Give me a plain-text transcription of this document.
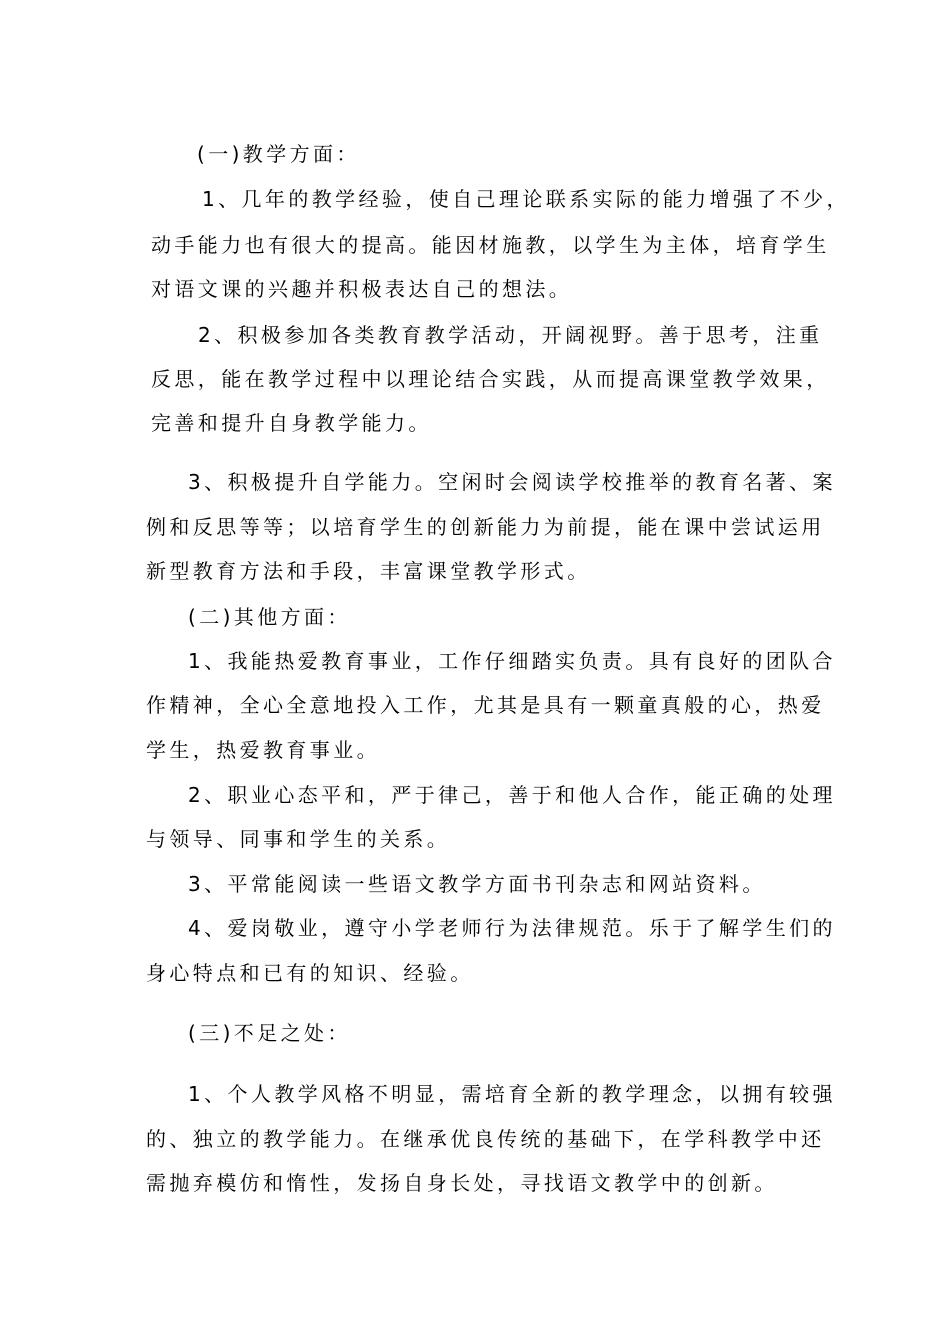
(一)教学方面：
1、几年的教学经验，使自己理论联系实际的能力增强了不少，
动手能力也有很大的提高。能因材施教，以学生为主体，培育学生
对语文课的兴趣并积极表达自己的想法。
2、积极参加各类教育教学活动，开阔视野。善于思考，注重
反思，能在教学过程中以理论结合实践，从而提高课堂教学效果，
完善和提升自身教学能力。
3、积极提升自学能力。空闲时会阅读学校推举的教育名著、案
例和反思等等；以培育学生的创新能力为前提，能在课中尝试运用
新型教育方法和手段，丰富课堂教学形式。
(二)其他方面：
1、我能热爱教育事业，工作仔细踏实负责。具有良好的团队合
作精神，全心全意地投入工作，尤其是具有一颗童真般的心，热爱
学生，热爱教育事业。
2、职业心态平和，严于律己，善于和他人合作，能正确的处理
与领导、同事和学生的关系。
3、平常能阅读一些语文教学方面书刊杂志和网站资料。
4、爱岗敬业，遵守小学老师行为法律规范。乐于了解学生们的
身心特点和已有的知识、经验。
(三)不足之处：
1、个人教学风格不明显，需培育全新的教学理念，以拥有较强
的、独立的教学能力。在继承优良传统的基础下，在学科教学中还
需抛弃模仿和惰性，发扬自身长处，寻找语文教学中的创新。
